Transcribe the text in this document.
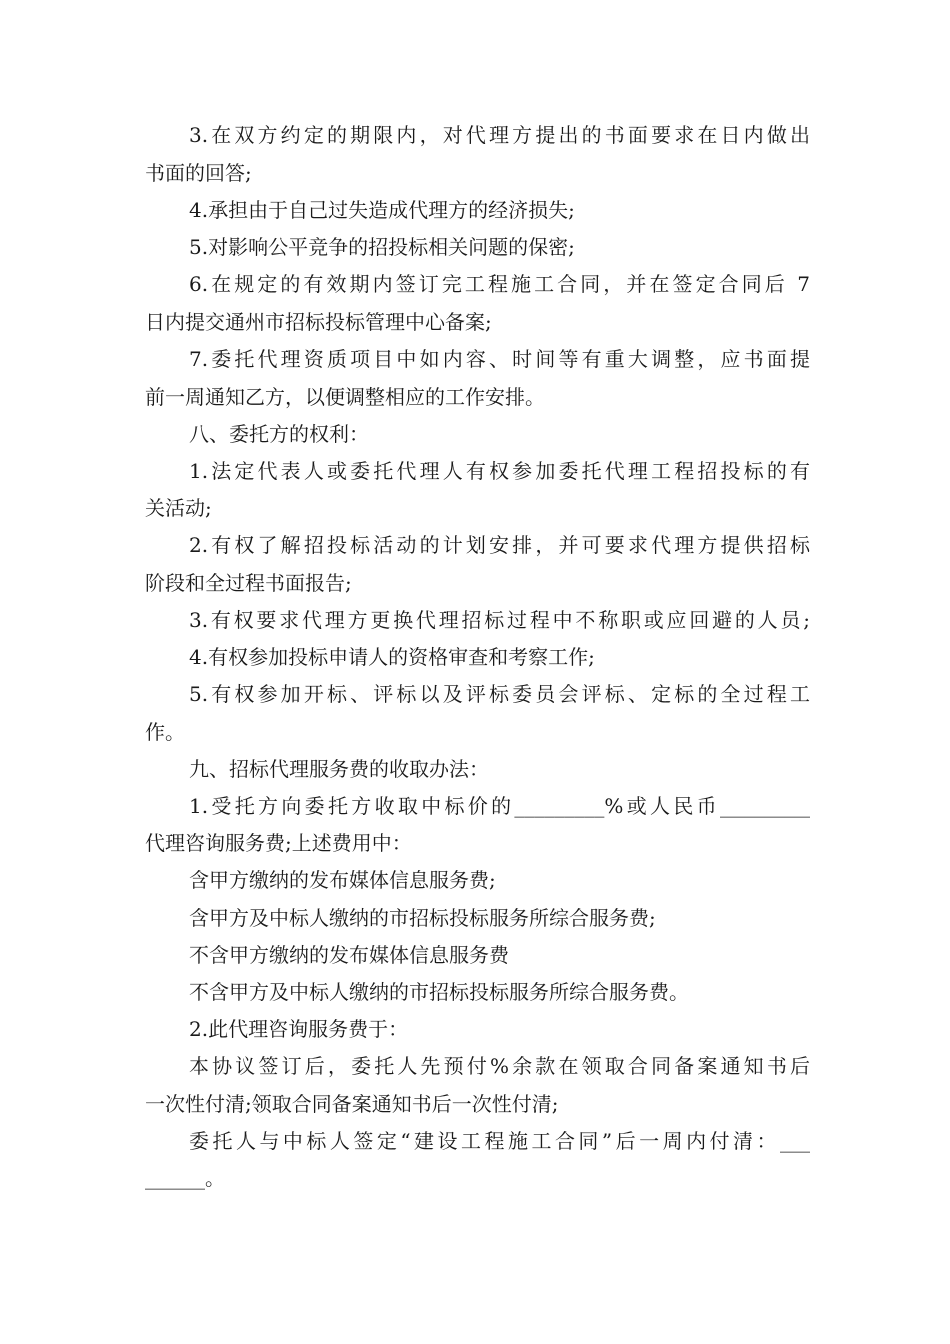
3.在双方约定的期限内，对代理方提出的书面要求在日内做出
书面的回答;
4.承担由于自己过失造成代理方的经济损失;
5.对影响公平竞争的招投标相关问题的保密;
6.在规定的有效期内签订完工程施工合同，并在签定合同后 7
日内提交通州市招标投标管理中心备案;
7.委托代理资质项目中如内容、时间等有重大调整，应书面提
前一周通知乙方，以便调整相应的工作安排。
八、委托方的权利：
1.法定代表人或委托代理人有权参加委托代理工程招投标的有
关活动;
2.有权了解招投标活动的计划安排，并可要求代理方提供招标
阶段和全过程书面报告;
3.有权要求代理方更换代理招标过程中不称职或应回避的人员;
4.有权参加投标申请人的资格审查和考察工作;
5.有权参加开标、评标以及评标委员会评标、定标的全过程工
作。
九、招标代理服务费的收取办法：
1.受托方向委托方收取中标价的_________%或人民币_________
代理咨询服务费;上述费用中：
含甲方缴纳的发布媒体信息服务费;
含甲方及中标人缴纳的市招标投标服务所综合服务费;
不含甲方缴纳的发布媒体信息服务费
不含甲方及中标人缴纳的市招标投标服务所综合服务费。
2.此代理咨询服务费于：
本协议签订后，委托人先预付%余款在领取合同备案通知书后
一次性付清;领取合同备案通知书后一次性付清;
委托人与中标人签定“建设工程施工合同”后一周内付清：___
______。
